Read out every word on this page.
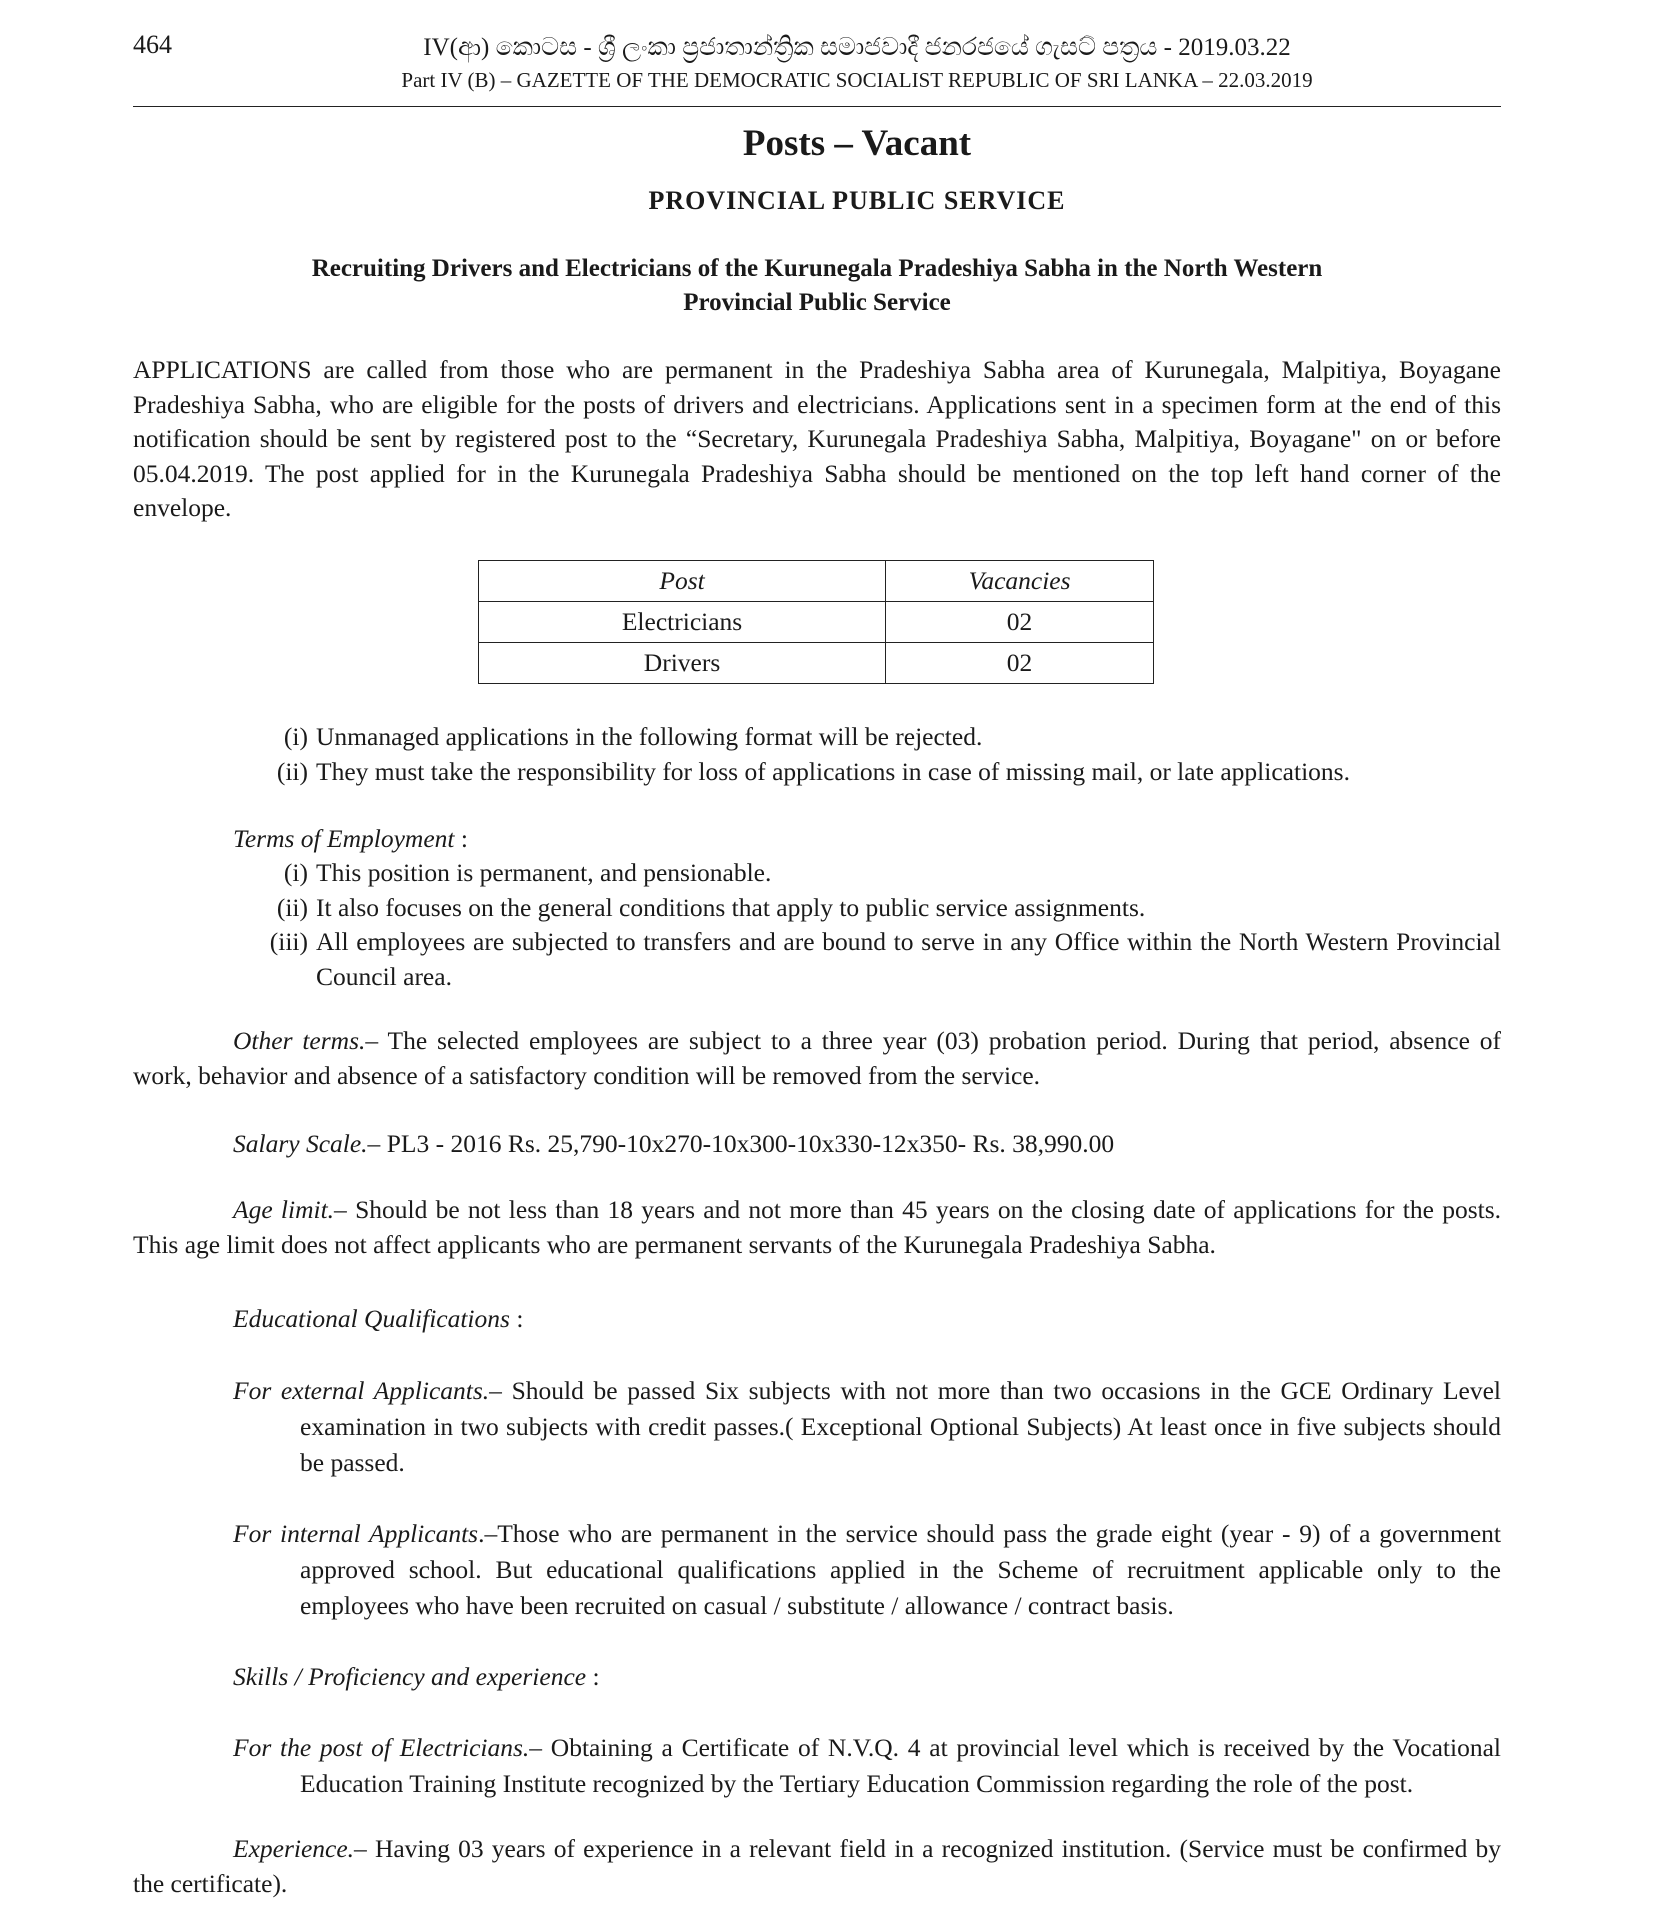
464	IV(ආ) කොටස - ශ්‍රී ලංකා ප්‍රජාතාන්ත්‍රික සමාජවාදී ජනරජයේ ගැසට් පත්‍රය - 2019.03.22
Part IV (B) – GAZETTE OF THE DEMOCRATIC SOCIALIST REPUBLIC OF SRI LANKA – 22.03.2019
Posts – Vacant
PROVINCIAL PUBLIC SERVICE
Recruiting Drivers and Electricians of the Kurunegala Pradeshiya Sabha in the North Western
Provincial Public Service
APPLICATIONS are called from those who are permanent in the Pradeshiya Sabha area of Kurunegala, Malpitiya, Boyagane Pradeshiya Sabha, who are eligible for the posts of drivers and electricians. Applications sent in a specimen form at the end of this notification should be sent by registered post to the “Secretary, Kurunegala Pradeshiya Sabha, Malpitiya, Boyagane" on or before 05.04.2019. The post applied for in the Kurunegala Pradeshiya Sabha should be mentioned on the top left hand corner of the envelope.
Post	Vacancies
Electricians	02
Drivers	02
(i) Unmanaged applications in the following format will be rejected.
(ii) They must take the responsibility for loss of applications in case of missing mail, or late applications.
Terms of Employment :
(i) This position is permanent, and pensionable.
(ii) It also focuses on the general conditions that apply to public service assignments.
(iii) All employees are subjected to transfers and are bound to serve in any Office within the North Western Provincial Council area.
Other terms.– The selected employees are subject to a three year (03) probation period. During that period, absence of work, behavior and absence of a satisfactory condition will be removed from the service.
Salary Scale.– PL3 - 2016 Rs. 25,790-10x270-10x300-10x330-12x350- Rs. 38,990.00
Age limit.– Should be not less than 18 years and not more than 45 years on the closing date of applications for the posts. This age limit does not affect applicants who are permanent servants of the Kurunegala Pradeshiya Sabha.
Educational Qualifications :
For external Applicants.– Should be passed Six subjects with not more than two occasions in the GCE Ordinary Level examination in two subjects with credit passes.( Exceptional Optional Subjects) At least once in five subjects should be passed.
For internal Applicants.–Those who are permanent in the service should pass the grade eight (year - 9) of a government approved school. But educational qualifications applied in the Scheme of recruitment applicable only to the employees who have been recruited on casual / substitute / allowance / contract basis.
Skills / Proficiency and experience :
For the post of Electricians.– Obtaining a Certificate of N.V.Q. 4 at provincial level which is received by the Vocational Education Training Institute recognized by the Tertiary Education Commission regarding the role of the post.
Experience.– Having 03 years of experience in a relevant field in a recognized institution. (Service must be confirmed by the certificate).
